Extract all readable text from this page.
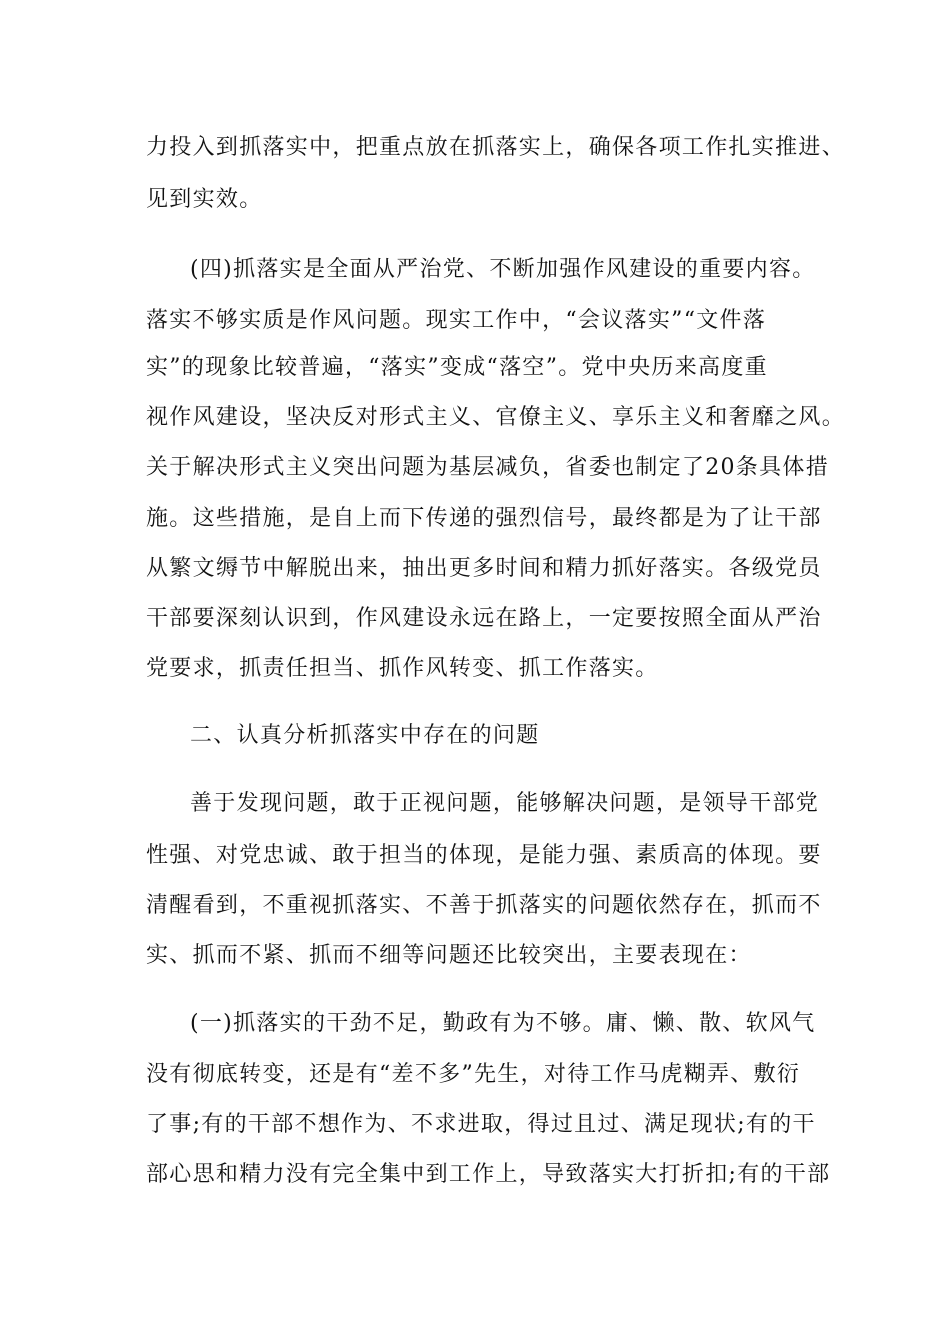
力投入到抓落实中，把重点放在抓落实上，确保各项工作扎实推进、
见到实效。
(四)抓落实是全面从严治党、不断加强作风建设的重要内容。
落实不够实质是作风问题。现实工作中，“会议落实”“文件落
实”的现象比较普遍，“落实”变成“落空”。党中央历来高度重
视作风建设，坚决反对形式主义、官僚主义、享乐主义和奢靡之风。
关于解决形式主义突出问题为基层减负，省委也制定了20条具体措
施。这些措施，是自上而下传递的强烈信号，最终都是为了让干部
从繁文缛节中解脱出来，抽出更多时间和精力抓好落实。各级党员
干部要深刻认识到，作风建设永远在路上，一定要按照全面从严治
党要求，抓责任担当、抓作风转变、抓工作落实。
二、认真分析抓落实中存在的问题
善于发现问题，敢于正视问题，能够解决问题，是领导干部党
性强、对党忠诚、敢于担当的体现，是能力强、素质高的体现。要
清醒看到，不重视抓落实、不善于抓落实的问题依然存在，抓而不
实、抓而不紧、抓而不细等问题还比较突出，主要表现在：
(一)抓落实的干劲不足，勤政有为不够。庸、懒、散、软风气
没有彻底转变，还是有“差不多”先生，对待工作马虎糊弄、敷衍
了事;有的干部不想作为、不求进取，得过且过、满足现状;有的干
部心思和精力没有完全集中到工作上，导致落实大打折扣;有的干部
